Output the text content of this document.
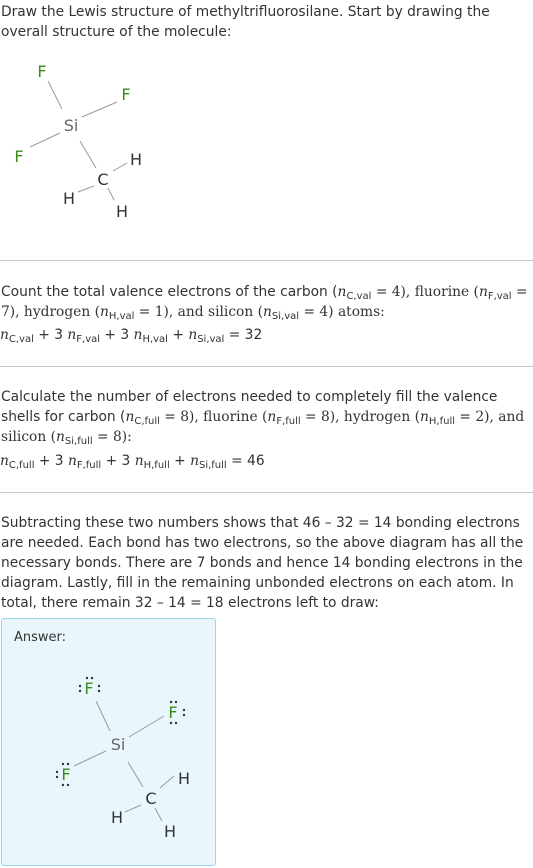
Draw the Lewis structure of methyltrifluorosilane. Start by drawing the overall structure of the molecule:
F
F
F
Si
C
H
H
H
Count the total valence electrons of the carbon $(n_{C,val} = 4)$, fluorine $(n_{F,val} = 7)$, hydrogen $(n_{H,val} = 1)$, and silicon $(n_{Si,val} = 4)$ atoms:
$n_{C,val} + 3$ $n_{F,val} + 3$ $n_{H,val} + n_{Si,val} = 32$
Calculate the number of electrons needed to completely fill the valence shells for carbon $(n_{C,full} = 8)$, fluorine $(n_{F,full} = 8)$, hydrogen $(n_{H,full} = 2)$, and silicon $(n_{Si,full} = 8)$:
$n_{C,full} + 3$ $n_{F,full} + 3$ $n_{H,full} + n_{Si,full} = 46$
Subtracting these two numbers shows that 46 – 32 = 14 bonding electrons are needed. Each bond has two electrons, so the above diagram has all the necessary bonds. There are 7 bonds and hence 14 bonding electrons in the diagram. Lastly, fill in the remaining unbonded electrons on each atom. In total, there remain 32 – 14 = 18 electrons left to draw:
Answer:
F
F
F
Si
C
H
H
H
